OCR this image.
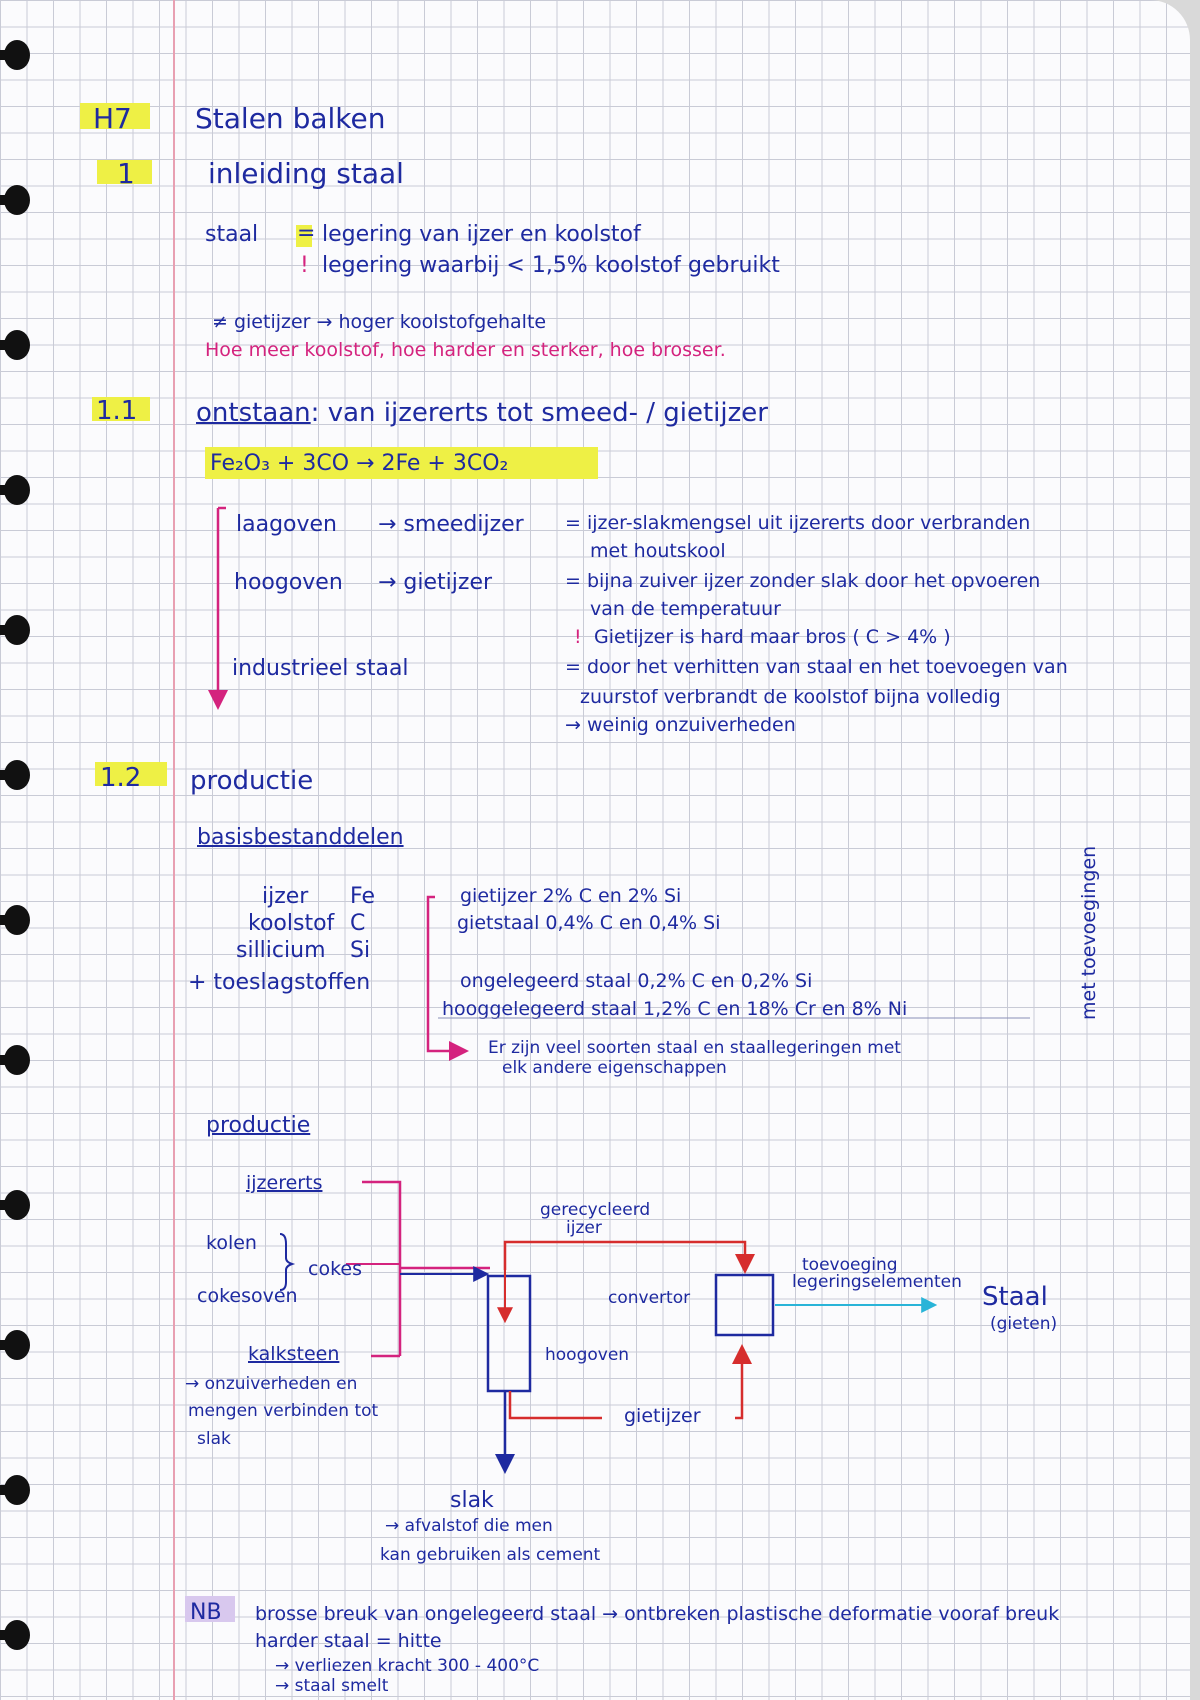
H7 Stalen balken
1	inleiding staal
staal = legering van ijzer en koolstof
! legering waarbij < 1,5% koolstof gebruikt
≠ gietijzer → hoger koolstofgehalte
Hoe meer koolstof, hoe harder en sterker, hoe brosser.
1.1 ontstaan: van ijzererts tot smeed- / gietijzer
Fe₂O₃ + 3CO → 2Fe + 3CO₂
laagoven → smeedijzer = ijzer-slakmengsel uit ijzererts door verbranden
met houtskool
hoogoven → gietijzer	= bijna zuiver ijzer zonder slak door het opvoeren
van de temperatuur
! Gietijzer is hard maar bros ( C > 4% )
industrieel staal	= door het verhitten van staal en het toevoegen van
zuurstof verbrandt de koolstof bijna volledig
→ weinig onzuiverheden
1.2 productie
basisbestanddelen
ijzer Fe
koolstof C
sillicium Si
+ toeslagstoffen
gietijzer 2% C en 2% Si
gietstaal 0,4% C en 0,4% Si
ongelegeerd staal 0,2% C en 0,2% Si
hooggelegeerd staal 1,2% C en 18% Cr en 8% Ni
Er zijn veel soorten staal en staallegeringen met
elk andere eigenschappen
met toevoegingen
productie
ijzererts
kolen
cokes
cokesoven
kalksteen
→ onzuiverheden en
mengen verbinden tot
slak
gerecycleerd
ijzer
convertor
hoogoven
gietijzer
toevoeging
legeringselementen Staal
(gieten)
slak
→ afvalstof die men
kan gebruiken als cement
NB brosse breuk van ongelegeerd staal → ontbreken plastische deformatie vooraf breuk
harder staal = hitte
→ verliezen kracht 300 - 400°C
→ staal smelt
